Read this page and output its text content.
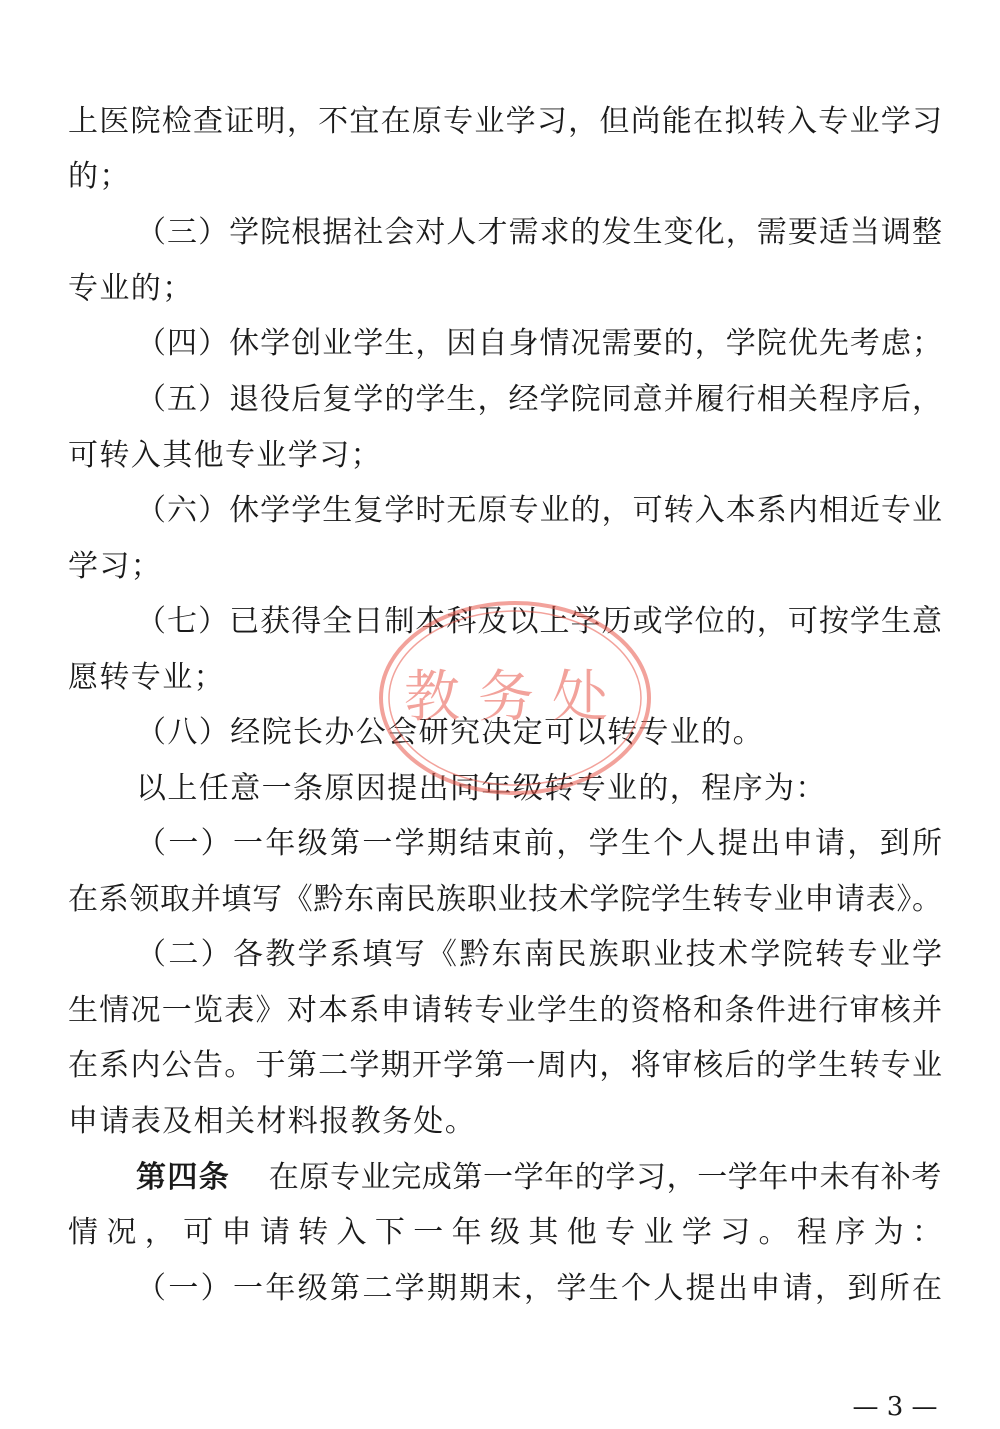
上医院检查证明，不宜在原专业学习，但尚能在拟转入专业学习
的；
（三）学院根据社会对人才需求的发生变化，需要适当调整
专业的；
（四）休学创业学生，因自身情况需要的，学院优先考虑；
（五）退役后复学的学生，经学院同意并履行相关程序后，
可转入其他专业学习；
（六）休学学生复学时无原专业的，可转入本系内相近专业
学习；
（七）已获得全日制本科及以上学历或学位的，可按学生意
愿转专业；
（八）经院长办公会研究决定可以转专业的。
以上任意一条原因提出同年级转专业的，程序为：
（一）一年级第一学期结束前，学生个人提出申请，到所
在系领取并填写《黔东南民族职业技术学院学生转专业申请表》。
（二）各教学系填写《黔东南民族职业技术学院转专业学
生情况一览表》对本系申请转专业学生的资格和条件进行审核并
在系内公告。于第二学期开学第一周内，将审核后的学生转专业
申请表及相关材料报教务处。
第四条 在原专业完成第一学年的学习，一学年中未有补考
情况，可申请转入下一年级其他专业学习。程序为：
（一）一年级第二学期期末，学生个人提出申请，到所在
— 3 —
教务处
